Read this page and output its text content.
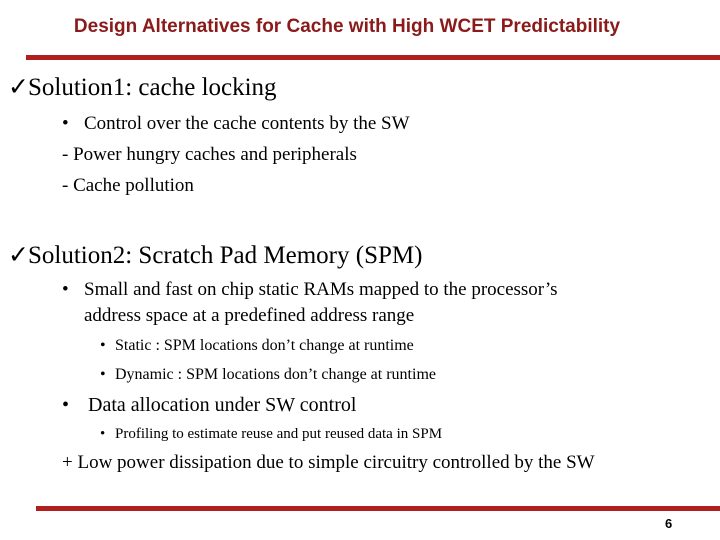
Design Alternatives for Cache with High WCET Predictability
✓Solution1: cache locking
• Control over the cache contents by the SW
- Power hungry caches and peripherals
- Cache pollution
✓Solution2: Scratch Pad Memory (SPM)
• Small and fast on chip static RAMs mapped to the processor’s
address space at a predefined address range
• Static : SPM locations don’t change at runtime
• Dynamic : SPM locations don’t change at runtime
• Data allocation under SW control
• Profiling to estimate reuse and put reused data in SPM
+ Low power dissipation due to simple circuitry controlled by the SW
6
